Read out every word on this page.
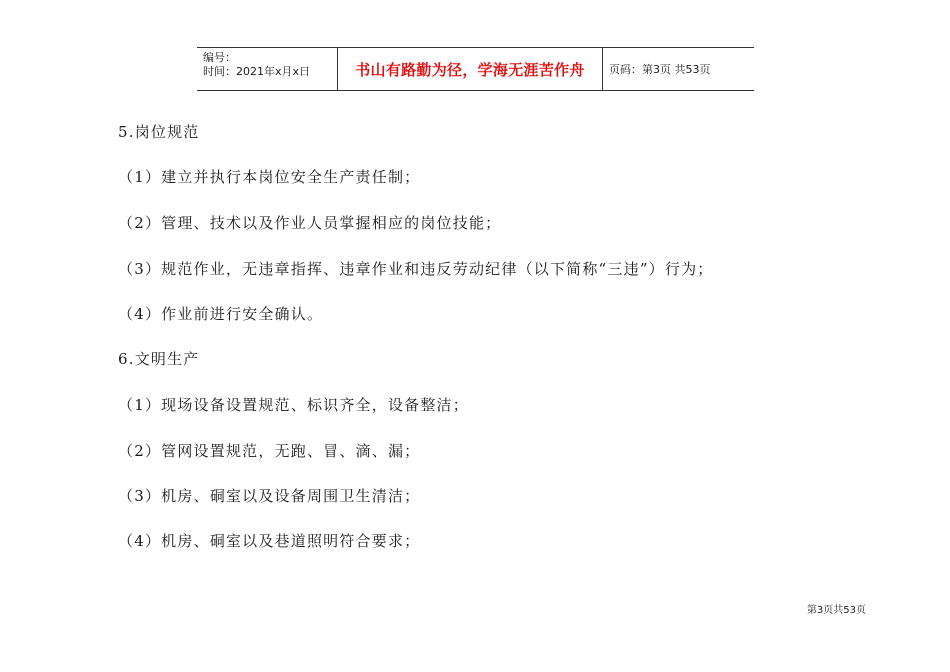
编号：
时间：2021年x月x日	书山有路勤为径，学海无涯苦作舟 页码：第3页 共53页
5.岗位规范
（1）建立并执行本岗位安全生产责任制；
（2）管理、技术以及作业人员掌握相应的岗位技能；
（3）规范作业，无违章指挥、违章作业和违反劳动纪律（以下简称“三违”）行为；
（4）作业前进行安全确认。
6.文明生产
（1）现场设备设置规范、标识齐全，设备整洁；
（2）管网设置规范，无跑、冒、滴、漏；
（3）机房、硐室以及设备周围卫生清洁；
（4）机房、硐室以及巷道照明符合要求；
第3页共53页
